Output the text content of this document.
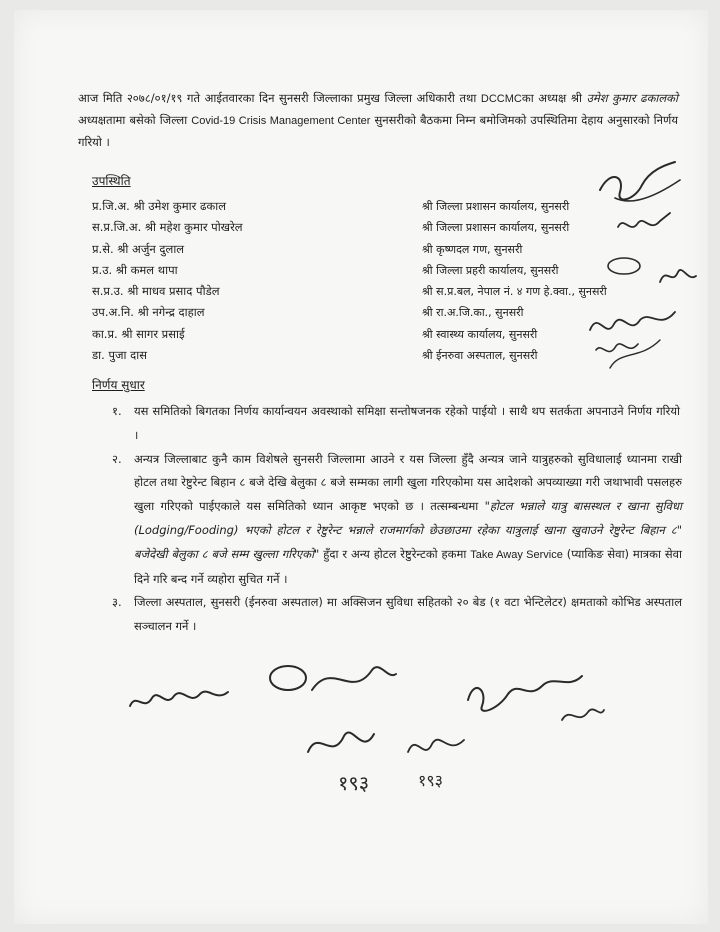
आज मिति २०७८/०१/१९ गते आईतवारका दिन सुनसरी जिल्लाका प्रमुख जिल्ला अधिकारी तथा DCCMCका अध्यक्ष श्री उमेश कुमार ढकालको अध्यक्षतामा बसेको जिल्ला Covid-19 Crisis Management Center सुनसरीको बैठकमा निम्न बमोजिमको उपस्थितिमा देहाय अनुसारको निर्णय गरियो ।
उपस्थिति
प्र.जि.अ. श्री उमेश कुमार ढकाल
स.प्र.जि.अ. श्री महेश कुमार पोखरेल
प्र.से. श्री अर्जुन दुलाल
प्र.उ. श्री कमल थापा
स.प्र.उ. श्री माधव प्रसाद पौडेल
उप.अ.नि. श्री नगेन्द्र दाहाल
का.प्र. श्री सागर प्रसाई
डा. पुजा दास
श्री जिल्ला प्रशासन कार्यालय, सुनसरी
श्री जिल्ला प्रशासन कार्यालय, सुनसरी
श्री कृष्णदल गण, सुनसरी
श्री जिल्ला प्रहरी कार्यालय, सुनसरी
श्री स.प्र.बल, नेपाल नं. ४ गण हे.क्वा., सुनसरी
श्री रा.अ.जि.का., सुनसरी
श्री स्वास्थ्य कार्यालय, सुनसरी
श्री ईनरुवा अस्पताल, सुनसरी
निर्णय सुधार
१. यस समितिको बिगतका निर्णय कार्यान्वयन अवस्थाको समिक्षा सन्तोषजनक रहेको पाईयो । साथै थप सतर्कता अपनाउने निर्णय गरियो ।
२. अन्यत्र जिल्लाबाट कुनै काम विशेषले सुनसरी जिल्लामा आउने र यस जिल्ला हुँदै अन्यत्र जाने यात्रुहरुको सुविधालाई ध्यानमा राखी होटल तथा रेष्टुरेन्ट बिहान ८ बजे देखि बेलुका ८ बजे सम्मका लागी खुला गरिएकोमा यस आदेशको अपव्याख्या गरी जथाभावी पसलहरु खुला गरिएको पाईएकाले यस समितिको ध्यान आकृष्ट भएको छ । तत्सम्बन्धमा "होटल भन्नाले यात्रु बासस्थल र खाना सुविधा (Lodging/Fooding) भएको होटल र रेष्टुरेन्ट भन्नाले राजमार्गको छेउछाउमा रहेका यात्रुलाई खाना खुवाउने रेष्टुरेन्ट बिहान ८" बजेदेखी बेलुका ८ बजे सम्म खुल्ला गरिएको" हुँदा र अन्य होटल रेष्टुरेन्टको हकमा Take Away Service (प्याकिङ सेवा) मात्रका सेवा दिने गरि बन्द गर्ने व्यहोरा सुचित गर्ने ।
३. जिल्ला अस्पताल, सुनसरी (ईनरुवा अस्पताल) मा अक्सिजन सुविधा सहितको २० बेड (१ वटा भेन्टिलेटर) क्षमताको कोभिड अस्पताल सञ्चालन गर्ने ।
१९३	१९३
